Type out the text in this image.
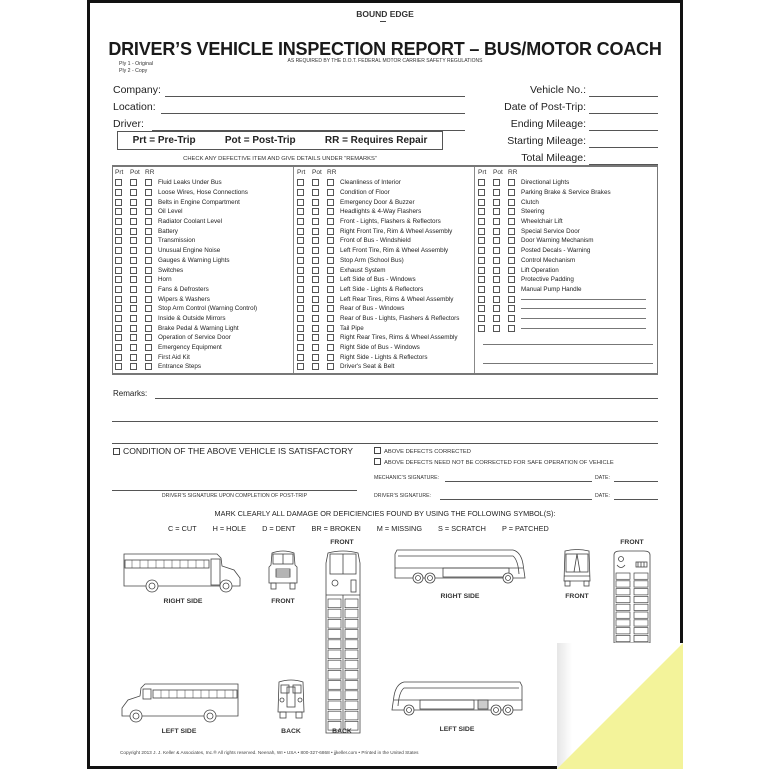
BOUND EDGE
DRIVER’S VEHICLE INSPECTION REPORT – BUS/MOTOR COACH
AS REQUIRED BY THE D.O.T. FEDERAL MOTOR CARRIER SAFETY REGULATIONS
Ply 1 - Original
Ply 2 - Copy
Company:
Location:
Driver:
Vehicle No.:
Date of Post-Trip:
Ending Mileage:
Starting Mileage:
Total Mileage:
Prt = Pre-Trip	Pot = Post-Trip	RR = Requires Repair
CHECK ANY DEFECTIVE ITEM AND GIVE DETAILS UNDER “REMARKS”
Prt	Pot RR
Fluid Leaks Under Bus
Loose Wires, Hose Connections
Belts in Engine Compartment
Oil Level
Radiator Coolant Level
Battery
Transmission
Unusual Engine Noise
Gauges & Warning Lights
Switches
Horn
Fans & Defrosters
Wipers & Washers
Stop Arm Control (Warning Control)
Inside & Outside Mirrors
Brake Pedal & Warning Light
Operation of Service Door
Emergency Equipment
First Aid Kit
Entrance Steps
Prt	Pot RR
Cleanliness of Interior
Condition of Floor
Emergency Door & Buzzer
Headlights & 4-Way Flashers
Front - Lights, Flashers & Reflectors
Right Front Tire, Rim & Wheel Assembly
Front of Bus - Windshield
Left Front Tire, Rim & Wheel Assembly
Stop Arm (School Bus)
Exhaust System
Left Side of Bus - Windows
Left Side - Lights & Reflectors
Left Rear Tires, Rims & Wheel Assembly
Rear of Bus - Windows
Rear of Bus - Lights, Flashers & Reflectors
Tail Pipe
Right Rear Tires, Rims & Wheel Assembly
Right Side of Bus - Windows
Right Side - Lights & Reflectors
Driver's Seat & Belt
Prt	Pot RR
Directional Lights
Parking Brake & Service Brakes
Clutch
Steering
Wheelchair Lift
Special Service Door
Door Warning Mechanism
Posted Decals - Warning
Control Mechanism
Lift Operation
Protective Padding
Manual Pump Handle
Remarks:
CONDITION OF THE ABOVE VEHICLE IS SATISFACTORY	ABOVE DEFECTS CORRECTED
ABOVE DEFECTS NEED NOT BE CORRECTED FOR SAFE OPERATION OF VEHICLE
MECHANIC’S SIGNATURE:	DATE:
DRIVER’S SIGNATURE UPON COMPLETION OF POST-TRIP	DRIVER’S SIGNATURE:	DATE:
MARK CLEARLY ALL DAMAGE OR DEFICIENCIES FOUND BY USING THE FOLLOWING SYMBOL(S):
C = CUT H = HOLE D = DENT BR = BROKEN M = MISSING S = SCRATCH P = PATCHED
RIGHT SIDE	FRONT
FRONT
BACK
LEFT SIDE	BACK
RIGHT SIDE	FRONT
FRONT
LEFT SIDE
Copyright 2013 J. J. Keller & Associates, Inc.® All rights reserved. Neenah, WI • USA • 800-327-6868 • jjkeller.com • Printed in the United States
